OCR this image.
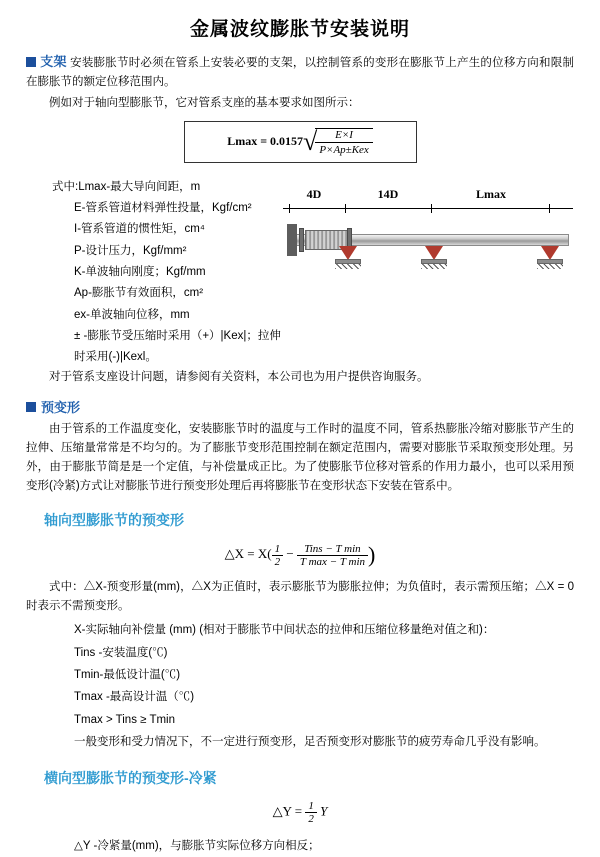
金属波纹膨胀节安装说明
支架 安装膨胀节时必须在管系上安装必要的支架，以控制管系的变形在膨胀节上产生的位移方向和限制在膨胀节的额定位移范围内。
例如对于轴向型膨胀节，它对管系支座的基本要求如图所示：
Lmax = 0.0157 √
$\frac{E\times I}{\text{P×Ap±Kex}}$
式中:Lmax-最大导向间距，m
E-管系管道材料弹性投量，Kgf/cm²
I-管系管道的惯性矩，cm⁴
P-设计压力，Kgf/mm²
K-单波轴向刚度；Kgf/mm
Ap-膨胀节有效面积，cm²
ex-单波轴向位移，mm
± -膨胀节受压缩时采用（+）|Kex|；拉伸时采用(-)|Kexl。
4D	14D	Lmax
对于管系支座设计问题，请参阅有关资料，本公司也为用户提供咨询服务。
预变形
由于管系的工作温度变化，安装膨胀节时的温度与工作时的温度不同，管系热膨胀冷缩对膨胀节产生的拉伸、压缩量常常是不均匀的。为了膨胀节变形范围控制在额定范围内，需要对膨胀节采取预变形处理。另外，由于膨胀节简是是一个定值，与补偿量成正比。为了使膨胀节位移对管系的作用力最小，也可以采用预变形(冷紧)方式让对膨胀节进行预变形处理后再将膨胀节在变形状态下安装在管系中。
轴向型膨胀节的预变形
△X = $X( \frac{1}{2} - \frac{\text{Tins − T min}}{\text{T max − T min}}$ )
式中：△X-预变形量(mm)，△X为正值时，表示膨胀节为膨胀拉伸；为负值时，表示需预压缩；△X = 0时表示不需预变形。
X-实际轴向补偿量 (mm) (相对于膨胀节中间状态的拉伸和压缩位移量绝对值之和)：
Tins -安装温度(℃)
Tmin-最低设计温(℃)
Tmax -最高设计温（℃)
Tmax > Tins ≥ Tmin
一般变形和受力情况下，不一定进行预变形，足否预变形对膨胀节的疲劳寿命几乎没有影响。
横向型膨胀节的预变形-冷紧
△Y = $\frac{1}{2}$ Y
△Y -冷紧量(mm)，与膨胀节实际位移方向相反；
